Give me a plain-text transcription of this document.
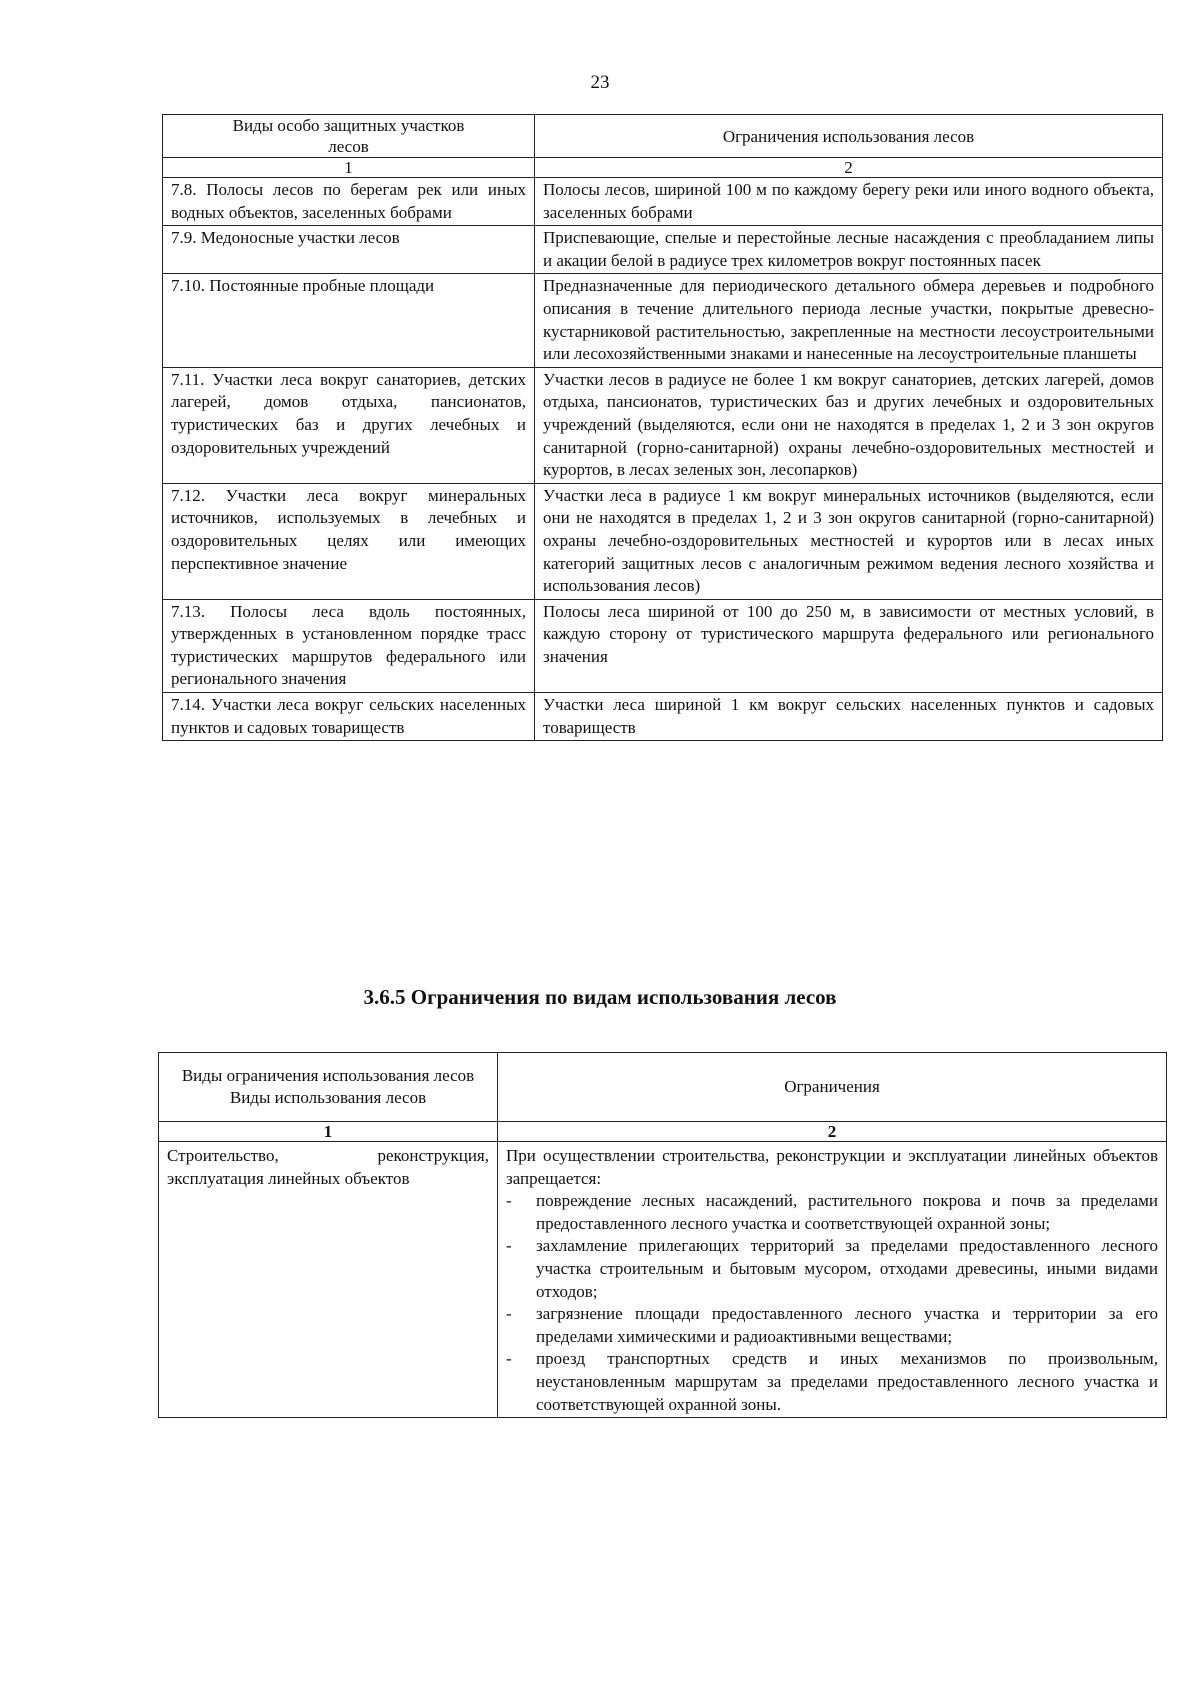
23
Виды особо защитных участков лесов	Ограничения использования лесов
1	2
7.8. Полосы лесов по берегам рек или иных водных объектов, заселенных бобрами	Полосы лесов, шириной 100 м по каждому берегу реки или иного водного объекта, заселенных бобрами
7.9. Медоносные участки лесов	Приспевающие, спелые и перестойные лесные насаждения с преобладанием липы и акации белой в радиусе трех километров вокруг постоянных пасек
7.10. Постоянные пробные площади	Предназначенные для периодического детального обмера деревьев и подробного описания в течение длительного периода лесные участки, покрытые древесно-кустарниковой растительностью, закрепленные на местности лесоустроительными или лесохозяйственными знаками и нанесенные на лесоустроительные планшеты
7.11. Участки леса вокруг санаториев, детских лагерей, домов отдыха, пансионатов, туристических баз и других лечебных и оздоровительных учреждений	Участки лесов в радиусе не более 1 км вокруг санаториев, детских лагерей, домов отдыха, пансионатов, туристических баз и других лечебных и оздоровительных учреждений (выделяются, если они не находятся в пределах 1, 2 и 3 зон округов санитарной (горно-санитарной) охраны лечебно-оздоровительных местностей и курортов, в лесах зеленых зон, лесопарков)
7.12. Участки леса вокруг минеральных источников, используемых в лечебных и оздоровительных целях или имеющих перспективное значение	Участки леса в радиусе 1 км вокруг минеральных источников (выделяются, если они не находятся в пределах 1, 2 и 3 зон округов санитарной (горно-санитарной) охраны лечебно-оздоровительных местностей и курортов или в лесах иных категорий защитных лесов с аналогичным режимом ведения лесного хозяйства и использования лесов)
7.13. Полосы леса вдоль постоянных, утвержденных в установленном порядке трасс туристических маршрутов федерального или регионального значения	Полосы леса шириной от 100 до 250 м, в зависимости от местных условий, в каждую сторону от туристического маршрута федерального или регионального значения
7.14. Участки леса вокруг сельских населенных пунктов и садовых товариществ	Участки леса шириной 1 км вокруг сельских населенных пунктов и садовых товариществ
3.6.5 Ограничения по видам использования лесов
Виды ограничения использования лесов Виды использования лесов	Ограничения
1	2
Строительство, реконструкция, эксплуатация линейных объектов	При осуществлении строительства, реконструкции и эксплуатации линейных объектов запрещается:
- повреждение лесных насаждений, растительного покрова и почв за пределами предоставленного лесного участка и соответствующей охранной зоны;
- захламление прилегающих территорий за пределами предоставленного лесного участка строительным и бытовым мусором, отходами древесины, иными видами отходов;
- загрязнение площади предоставленного лесного участка и территории за его пределами химическими и радиоактивными веществами;
- проезд транспортных средств и иных механизмов по произвольным, неустановленным маршрутам за пределами предоставленного лесного участка и соответствующей охранной зоны.
